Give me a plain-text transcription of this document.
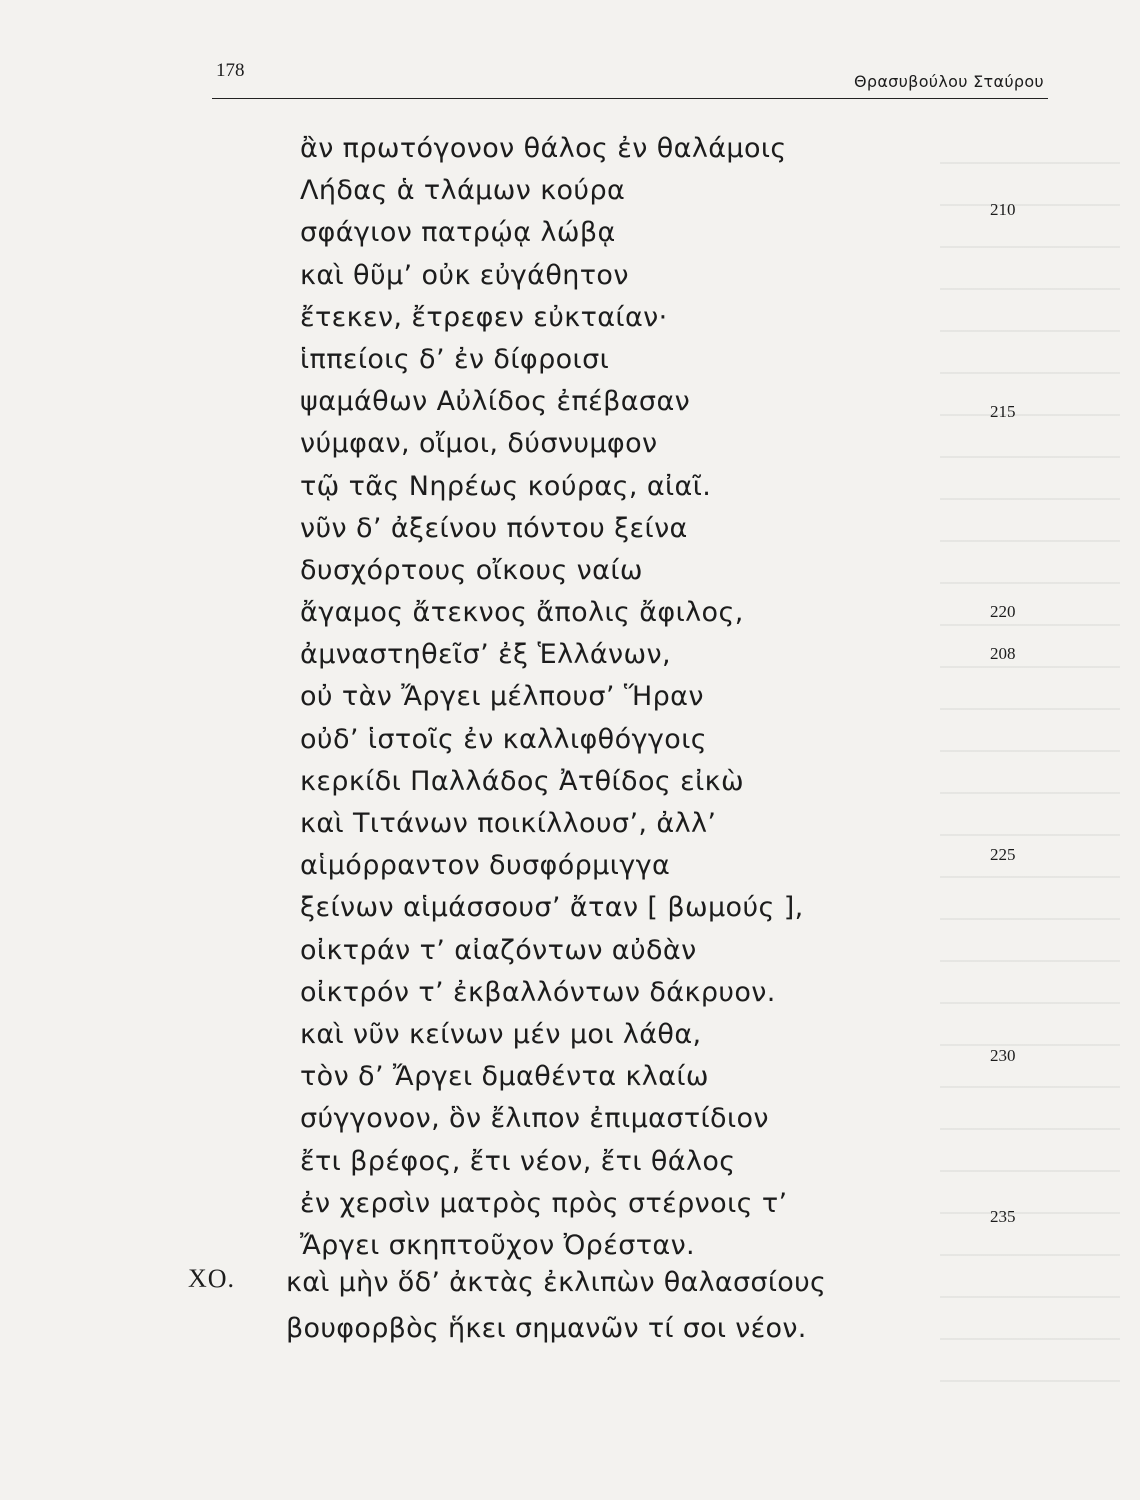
178
Θρασυβούλου Σταύρου
ἂν πρωτόγονον θάλος ἐν θαλάμοις
Λήδας ἁ τλάμων κούρα
σφάγιον πατρῴᾳ λώβᾳ
καὶ θῦμ’ οὐκ εὐγάθητον
ἔτεκεν, ἔτρεφεν εὐκταίαν·
ἱππείοις δ’ ἐν δίφροισι
ψαμάθων Αὐλίδος ἐπέβασαν
νύμφαν, οἴμοι, δύσνυμφον
τῷ τᾶς Νηρέως κούρας, αἰαῖ.
νῦν δ’ ἀξείνου πόντου ξείνα
δυσχόρτους οἴκους ναίω
ἄγαμος ἄτεκνος ἄπολις ἄφιλος,
ἀμναστηθεῖσ’ ἐξ Ἑλλάνων,
οὐ τὰν Ἄργει μέλπουσ’ Ἥραν
οὐδ’ ἱστοῖς ἐν καλλιφθόγγοις
κερκίδι Παλλάδος Ἀτθίδος εἰκὼ
καὶ Τιτάνων ποικίλλουσ’, ἀλλ’
αἱμόρραντον δυσφόρμιγγα
ξείνων αἱμάσσουσ’ ἄταν [ βωμούς ],
οἰκτράν τ’ αἰαζόντων αὐδὰν
οἰκτρόν τ’ ἐκβαλλόντων δάκρυον.
καὶ νῦν κείνων μέν μοι λάθα,
τὸν δ’ Ἄργει δμαθέντα κλαίω
σύγγονον, ὃν ἔλιπον ἐπιμαστίδιον
ἔτι βρέφος, ἔτι νέον, ἔτι θάλος
ἐν χερσὶν ματρὸς πρὸς στέρνοις τ’
Ἄργει σκηπτοῦχον Ὀρέσταν.
210
215
220
208
225
230
235
ΧΟ. καὶ μὴν ὅδ’ ἀκτὰς ἐκλιπὼν θαλασσίους
βουφορβὸς ἥκει σημανῶν τί σοι νέον.
